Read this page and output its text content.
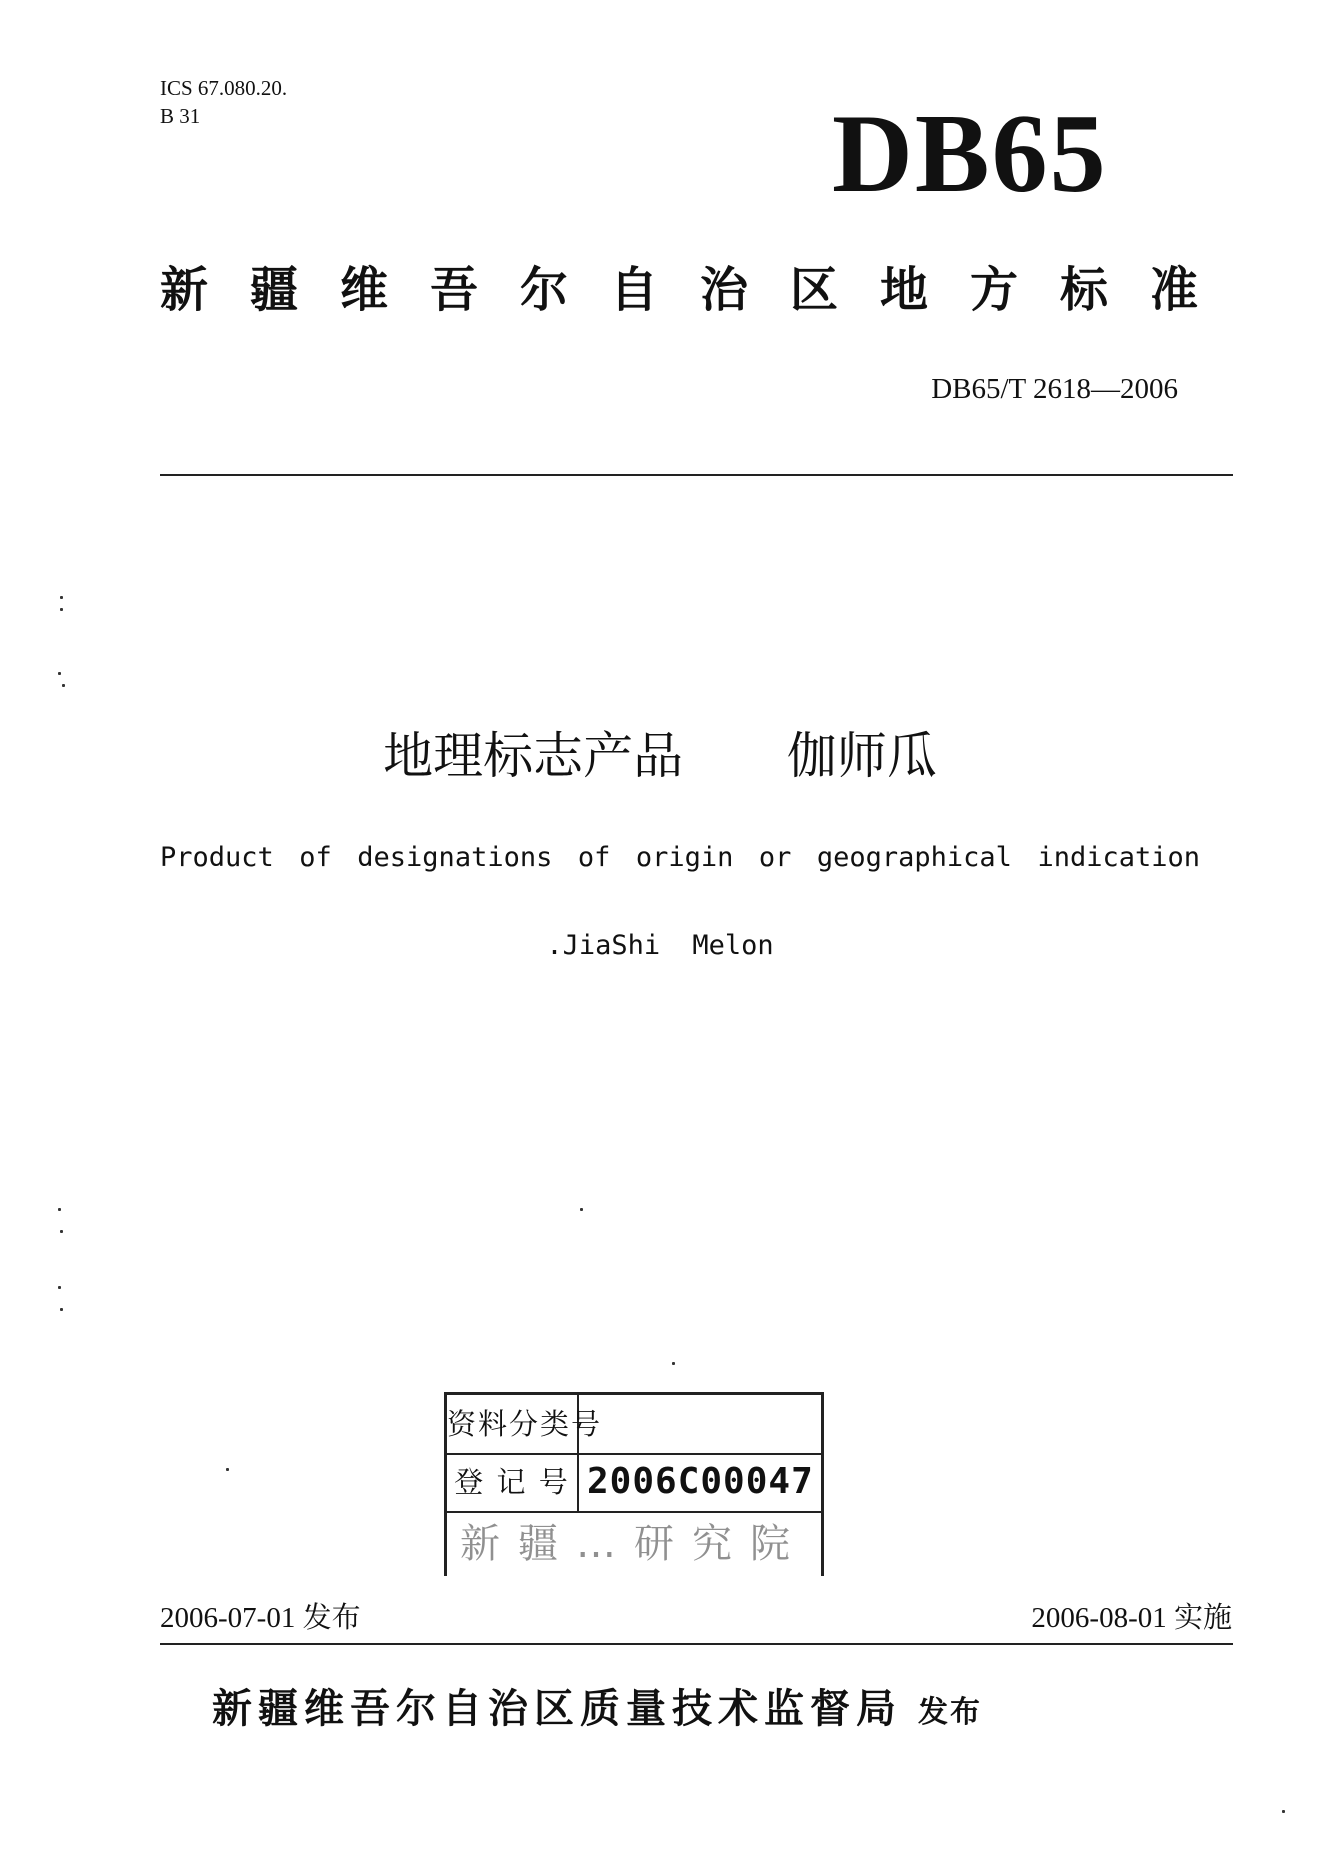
ICS 67.080.20.
B 31	DB65
新疆维吾尔自治区地方标准
DB65/T 2618—2006
地理标志产品  伽师瓜
Product of designations of origin or geographical indication
.JiaShi Melon
资料分类号
登 记 号 2006C00047
新疆…研究院
2006-07-01 发布	2006-08-01 实施
新疆维吾尔自治区质量技术监督局 发布
